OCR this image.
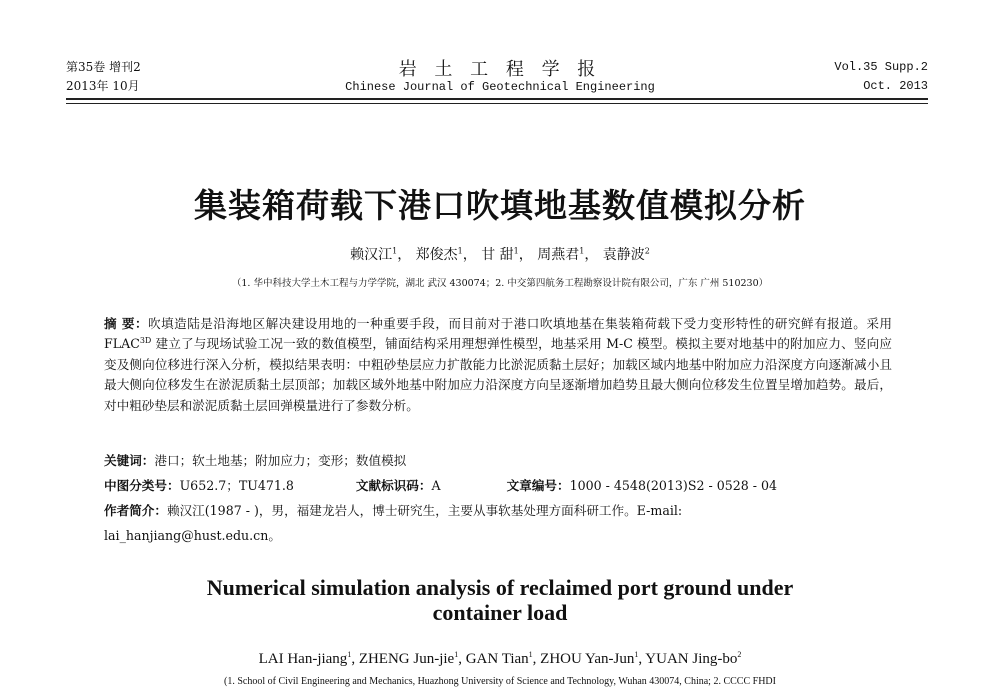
第35卷 增刊2
2013年 10月
岩 土 工 程 学 报
Chinese Journal of Geotechnical Engineering
Vol.35 Supp.2
Oct. 2013
集装箱荷载下港口吹填地基数值模拟分析
赖汉江$^1$， 郑俊杰$^1$， 甘 甜$^1$， 周燕君$^1$， 袁静波$^2$
（1. 华中科技大学土木工程与力学学院，湖北 武汉 430074；2. 中交第四航务工程勘察设计院有限公司，广东 广州 510230）
摘 要：吹填造陆是沿海地区解决建设用地的一种重要手段，而目前对于港口吹填地基在集装箱荷载下受力变形特性的研究鲜有报道。采用 $FLAC^{3D}$ 建立了与现场试验工况一致的数值模型，铺面结构采用理想弹性模型，地基采用 M-C 模型。模拟主要对地基中的附加应力、竖向应变及侧向位移进行深入分析，模拟结果表明：中粗砂垫层应力扩散能力比淤泥质黏土层好；加载区域内地基中附加应力沿深度方向逐渐减小且最大侧向位移发生在淤泥质黏土层顶部；加载区域外地基中附加应力沿深度方向呈逐渐增加趋势且最大侧向位移发生位置呈增加趋势。最后，对中粗砂垫层和淤泥质黏土层回弹模量进行了参数分析。
关键词：港口；软土地基；附加应力；变形；数值模拟
中图分类号：U652.7；TU471.8	文献标识码：A	文章编号：1000 - 4548(2013)S2 - 0528 - 04
作者简介：赖汉江(1987 - )，男，福建龙岩人，博士研究生，主要从事软基处理方面科研工作。E-mail:
lai_hanjiang@hust.edu.cn。
Numerical simulation analysis of reclaimed port ground under
container load
LAI Han-jiang$^1$, ZHENG Jun-jie$^1$, GAN Tian$^1$, ZHOU Yan-Jun$^1$, YUAN Jing-$bo^2$
(1. School of Civil Engineering and Mechanics, Huazhong University of Science and Technology, Wuhan 430074, China; 2. CCCC FHDI
